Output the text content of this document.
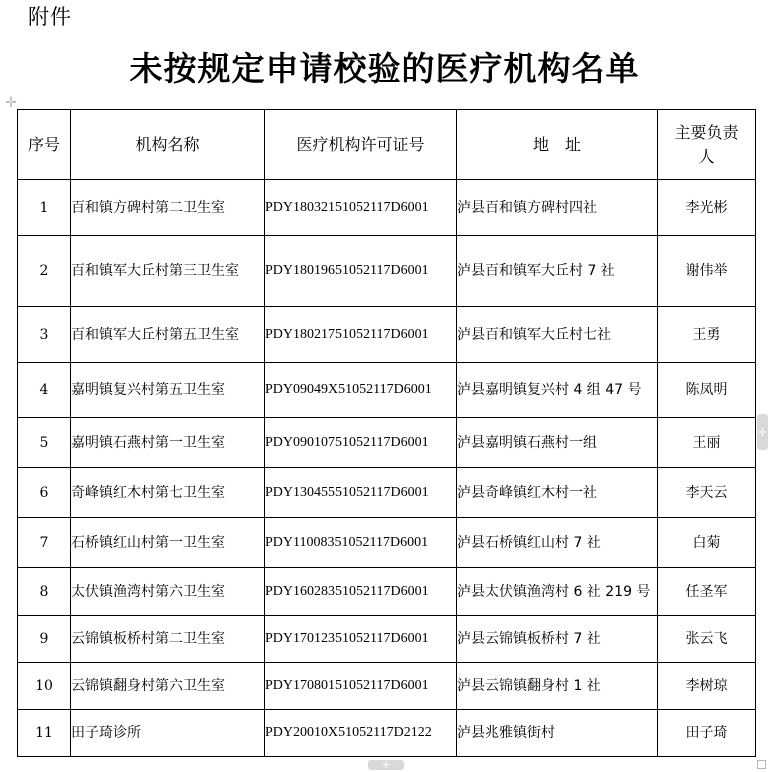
附件
未按规定申请校验的医疗机构名单
✛
序号	机构名称	医疗机构许可证号	地　址	主要负责人

1	百和镇方碑村第二卫生室	PDY18032151052117D6001	泸县百和镇方碑村四社	李光彬
2	百和镇军大丘村第三卫生室	PDY18019651052117D6001	泸县百和镇军大丘村 7 社	谢伟举
3	百和镇军大丘村第五卫生室	PDY18021751052117D6001	泸县百和镇军大丘村七社	王勇
4	嘉明镇复兴村第五卫生室	PDY09049X51052117D6001	泸县嘉明镇复兴村 4 组 47 号	陈凤明
5	嘉明镇石燕村第一卫生室	PDY09010751052117D6001	泸县嘉明镇石燕村一组	王丽
6	奇峰镇红木村第七卫生室	PDY13045551052117D6001	泸县奇峰镇红木村一社	李天云
7	石桥镇红山村第一卫生室	PDY11008351052117D6001	泸县石桥镇红山村 7 社	白菊
8	太伏镇渔湾村第六卫生室	PDY16028351052117D6001	泸县太伏镇渔湾村 6 社 219 号	任圣军
9	云锦镇板桥村第二卫生室	PDY17012351052117D6001	泸县云锦镇板桥村 7 社	张云飞
10	云锦镇翻身村第六卫生室	PDY17080151052117D6001	泸县云锦镇翻身村 1 社	李树琼
11	田子琦诊所	PDY20010X51052117D2122	泸县兆雅镇街村	田子琦
+
+
